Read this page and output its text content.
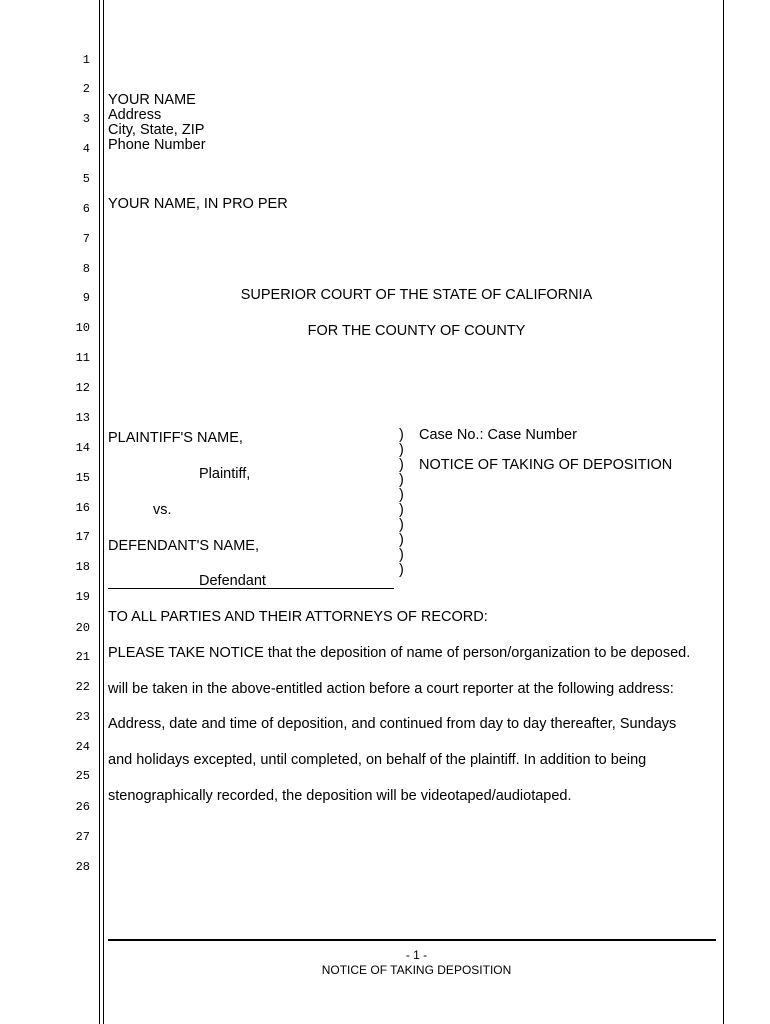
1
2
3
4
5
6
7
8
9
10
11
12
13
14
15
16
17
18
19
20
21
22
23
24
25
26
27
28
YOUR NAME
Address
City, State, ZIP
Phone Number
YOUR NAME, IN PRO PER
SUPERIOR COURT OF THE STATE OF CALIFORNIA
FOR THE COUNTY OF COUNTY
PLAINTIFF'S NAME,
Plaintiff,
vs.
DEFENDANT'S NAME,
Defendant
)
)
)
)
)
)
)
)
)
)
Case No.: Case Number
NOTICE OF TAKING OF DEPOSITION
TO ALL PARTIES AND THEIR ATTORNEYS OF RECORD:
PLEASE TAKE NOTICE that the deposition of name of person/organization to be deposed.
will be taken in the above-entitled action before a court reporter at the following address:
Address, date and time of deposition, and continued from day to day thereafter, Sundays
and holidays excepted, until completed, on behalf of the plaintiff. In addition to being
stenographically recorded, the deposition will be videotaped/audiotaped.
- 1 -
NOTICE OF TAKING DEPOSITION
